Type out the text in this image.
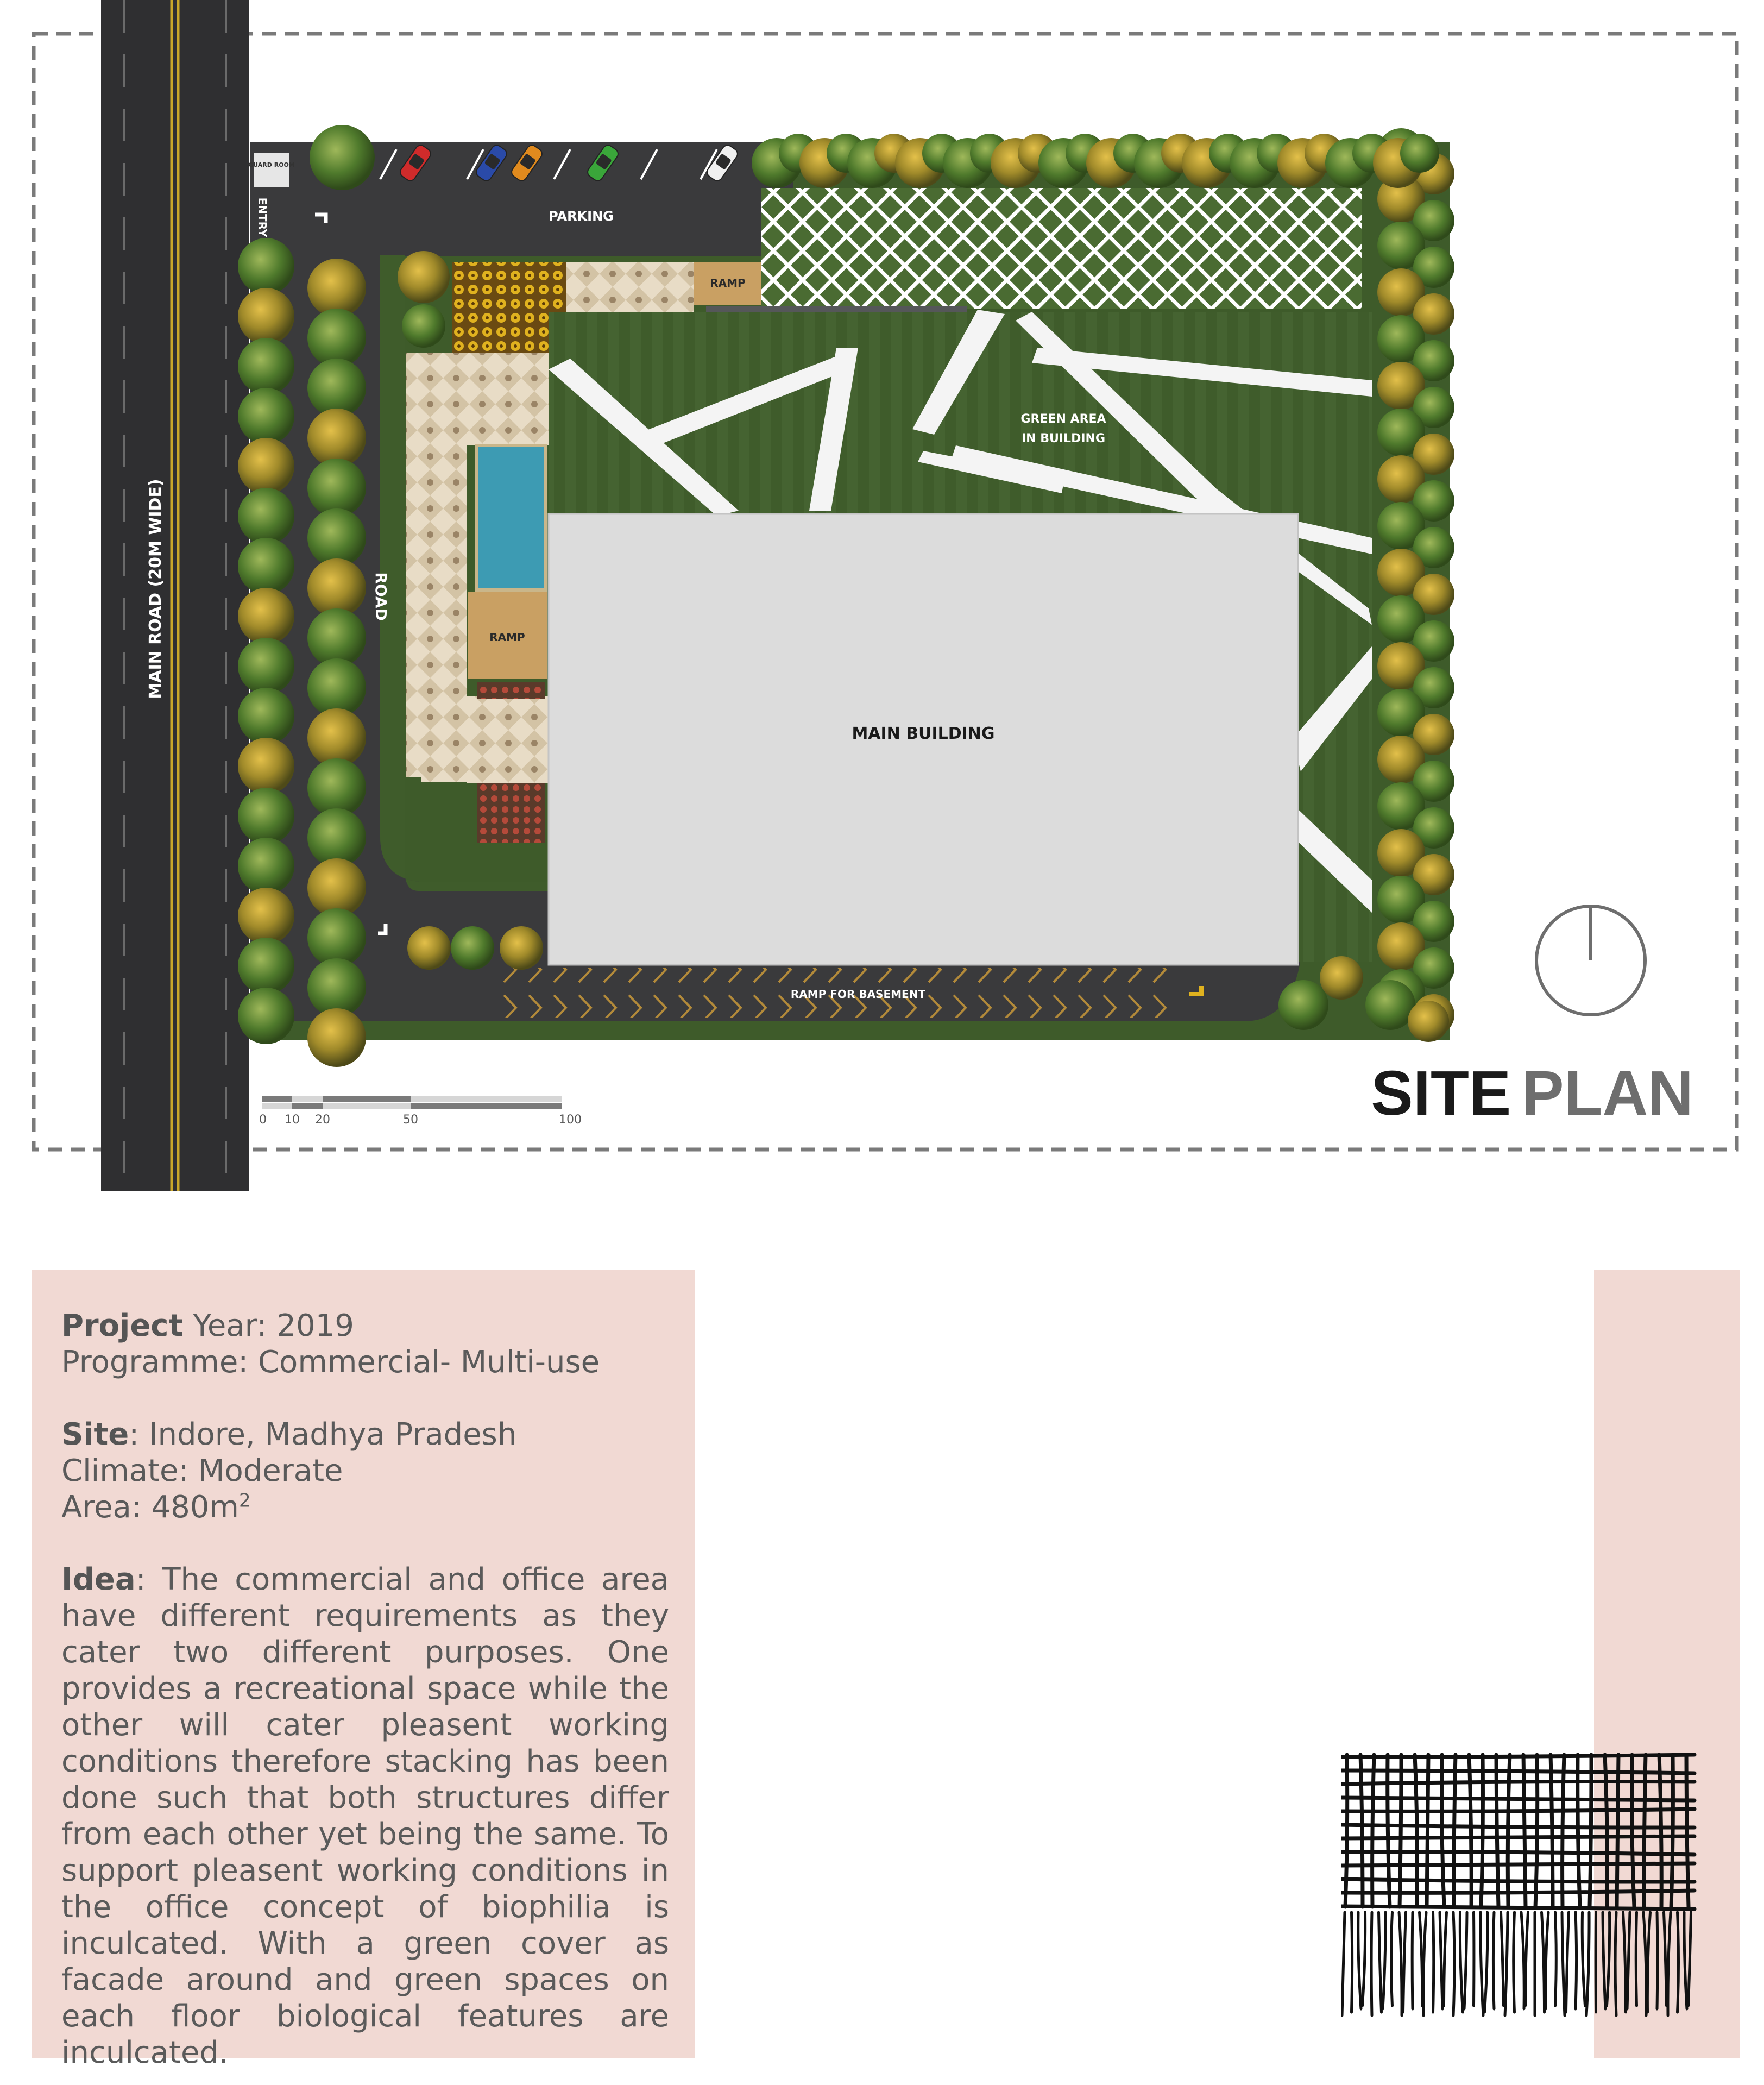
RAMP FOR BASEMENT
RAMP
RAMP
GREEN AREA
IN BUILDING
MAIN BUILDING
GUARD ROOM
PARKING
ENTRY
ROAD
MAIN ROAD (20M WIDE)
0 10 20	50	100	SITE PLAN

Project Year: 2019

Programme: Commercial- Multi-use

Site: Indore, Madhya Pradesh

Climate: Moderate

Area: $480m^2$

Idea: The commercial and office area have different requirements as they cater two different purposes. One provides a recreational space while the other will cater pleasent working conditions therefore stacking has been done such that both structures differ from each other yet being the same. To support pleasent working conditions in the office concept of biophilia is inculcated. With a green cover as facade around and green spaces on each floor biological features are inculcated.
